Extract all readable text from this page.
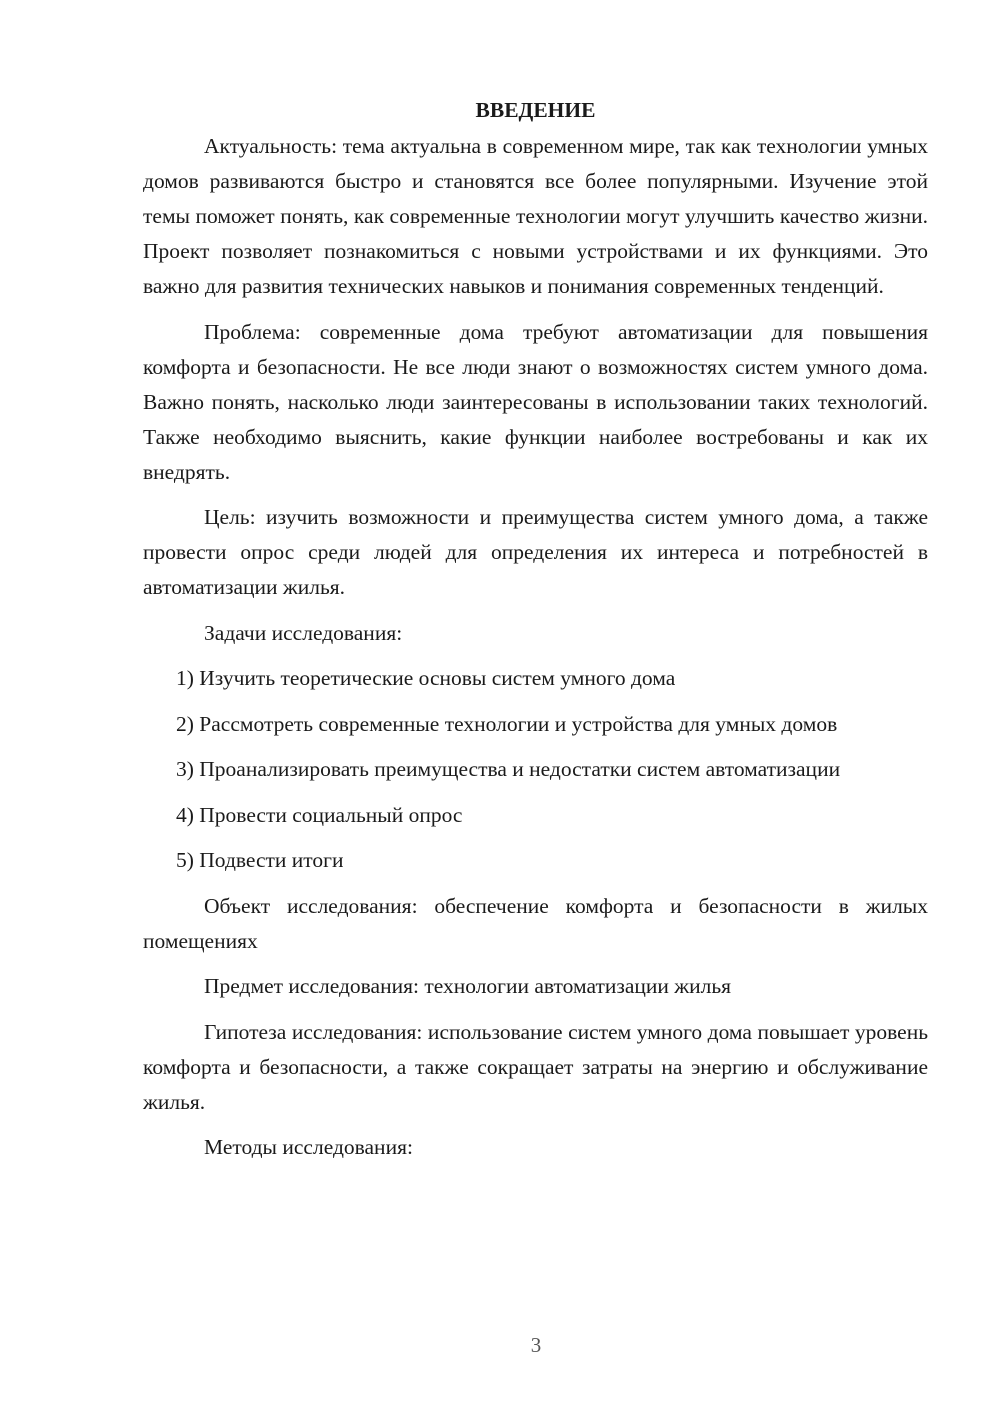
ВВЕДЕНИЕ

Актуальность: тема актуальна в современном мире, так как технологии умных домов развиваются быстро и становятся все более популярными. Изучение этой темы поможет понять, как современные технологии могут улучшить качество жизни. Проект позволяет познакомиться с новыми устройствами и их функциями. Это важно для развития технических навыков и понимания современных тенденций.

Проблема: современные дома требуют автоматизации для повышения комфорта и безопасности. Не все люди знают о возможностях систем умного дома. Важно понять, насколько люди заинтересованы в использовании таких технологий. Также необходимо выяснить, какие функции наиболее востребованы и как их внедрять.

Цель: изучить возможности и преимущества систем умного дома, а также провести опрос среди людей для определения их интереса и потребностей в автоматизации жилья.

Задачи исследования:

1) Изучить теоретические основы систем умного дома

2) Рассмотреть современные технологии и устройства для умных домов

3) Проанализировать преимущества и недостатки систем автоматизации

4) Провести социальный опрос

5) Подвести итоги

Объект исследования: обеспечение комфорта и безопасности в жилых помещениях

Предмет исследования: технологии автоматизации жилья

Гипотеза исследования: использование систем умного дома повышает уровень комфорта и безопасности, а также сокращает затраты на энергию и обслуживание жилья.

Методы исследования:

3
